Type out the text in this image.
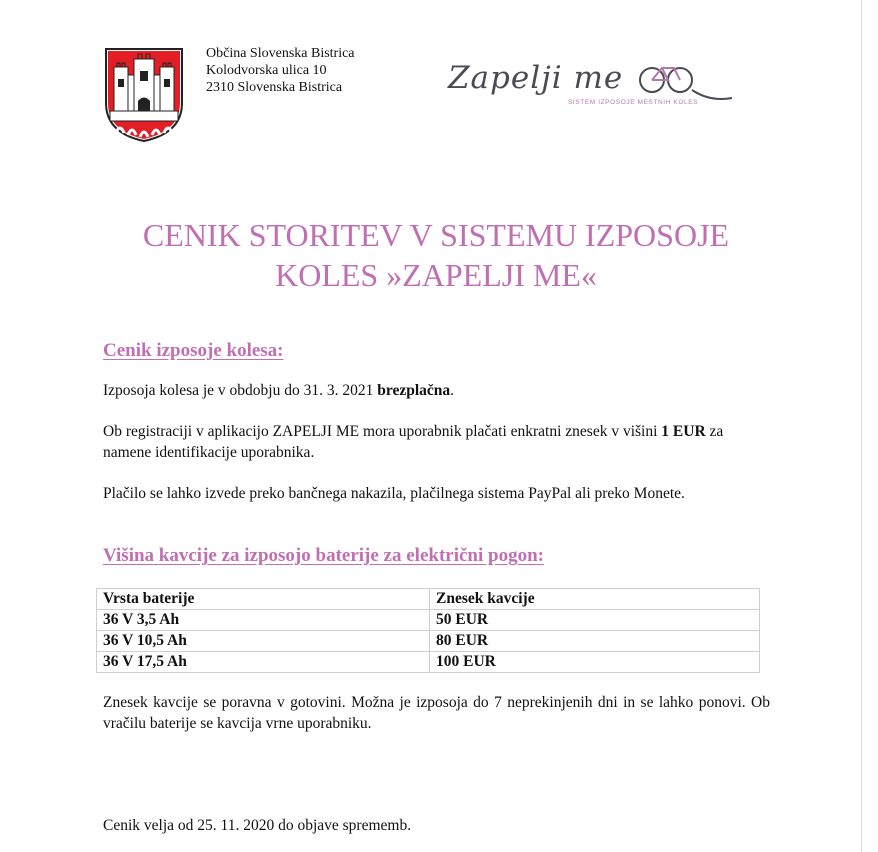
Občina Slovenska Bistrica
Kolodvorska ulica 10
2310 Slovenska Bistrica	Zapelji me
SISTEM IZPOSOJE MESTNIH KOLES
CENIK STORITEV V SISTEMU IZPOSOJE
KOLES »ZAPELJI ME«
Cenik izposoje kolesa:
Izposoja kolesa je v obdobju do 31. 3. 2021 brezplačna.
Ob registraciji v aplikacijo ZAPELJI ME mora uporabnik plačati enkratni znesek v višini 1 EUR za namene identifikacije uporabnika.
Plačilo se lahko izvede preko bančnega nakazila, plačilnega sistema PayPal ali preko Monete.
Višina kavcije za izposojo baterije za električni pogon:
Vrsta baterije	Znesek kavcije
36 V 3,5 Ah	50 EUR
36 V 10,5 Ah	80 EUR
36 V 17,5 Ah	100 EUR
Znesek kavcije se poravna v gotovini. Možna je izposoja do 7 neprekinjenih dni in se lahko ponovi. Ob vračilu baterije se kavcija vrne uporabniku.
Cenik velja od 25. 11. 2020 do objave sprememb.
